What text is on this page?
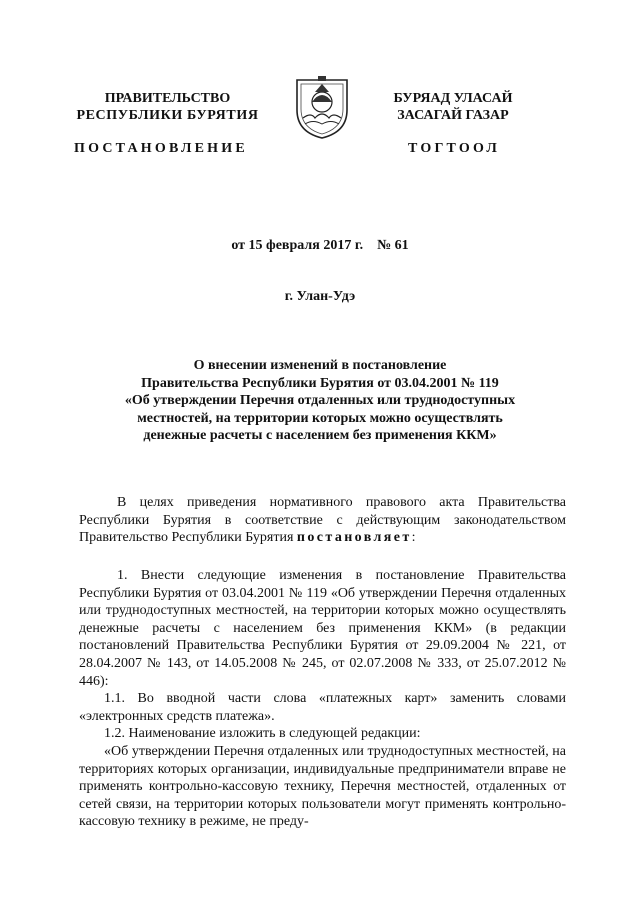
ПРАВИТЕЛЬСТВО
РЕСПУБЛИКИ БУРЯТИЯ
БУРЯАД УЛАСАЙ
ЗАСАГАЙ ГАЗАР
ПОСТАНОВЛЕНИЕ	ТОГТООЛ
от 15 февраля 2017 г.    № 61
г. Улан-Удэ
О внесении изменений в постановление
Правительства Республики Бурятия от 03.04.2001 № 119
«Об утверждении Перечня отдаленных или труднодоступных
местностей, на территории которых можно осуществлять
денежные расчеты с населением без применения ККМ»

В целях приведения нормативного правового акта Правительства Республики Бурятия в соответствие с действующим законодательством Правительство Республики Бурятия постановляет:

1. Внести следующие изменения в постановление Правительства Республики Бурятия от 03.04.2001 № 119 «Об утверждении Перечня отдаленных или труднодоступных местностей, на территории которых можно осуществлять денежные расчеты с населением без применения ККМ» (в редакции постановлений Правительства Республики Бурятия от 29.09.2004 № 221, от 28.04.2007 № 143, от 14.05.2008 № 245, от 02.07.2008 № 333, от 25.07.2012 № 446):

1.1. Во вводной части слова «платежных карт» заменить словами «электронных средств платежа».

1.2. Наименование изложить в следующей редакции:

«Об утверждении Перечня отдаленных или труднодоступных местностей, на территориях которых организации, индивидуальные предприниматели вправе не применять контрольно-кассовую технику, Перечня местностей, отдаленных от сетей связи, на территории которых пользователи могут применять контрольно-кассовую технику в режиме, не преду-
